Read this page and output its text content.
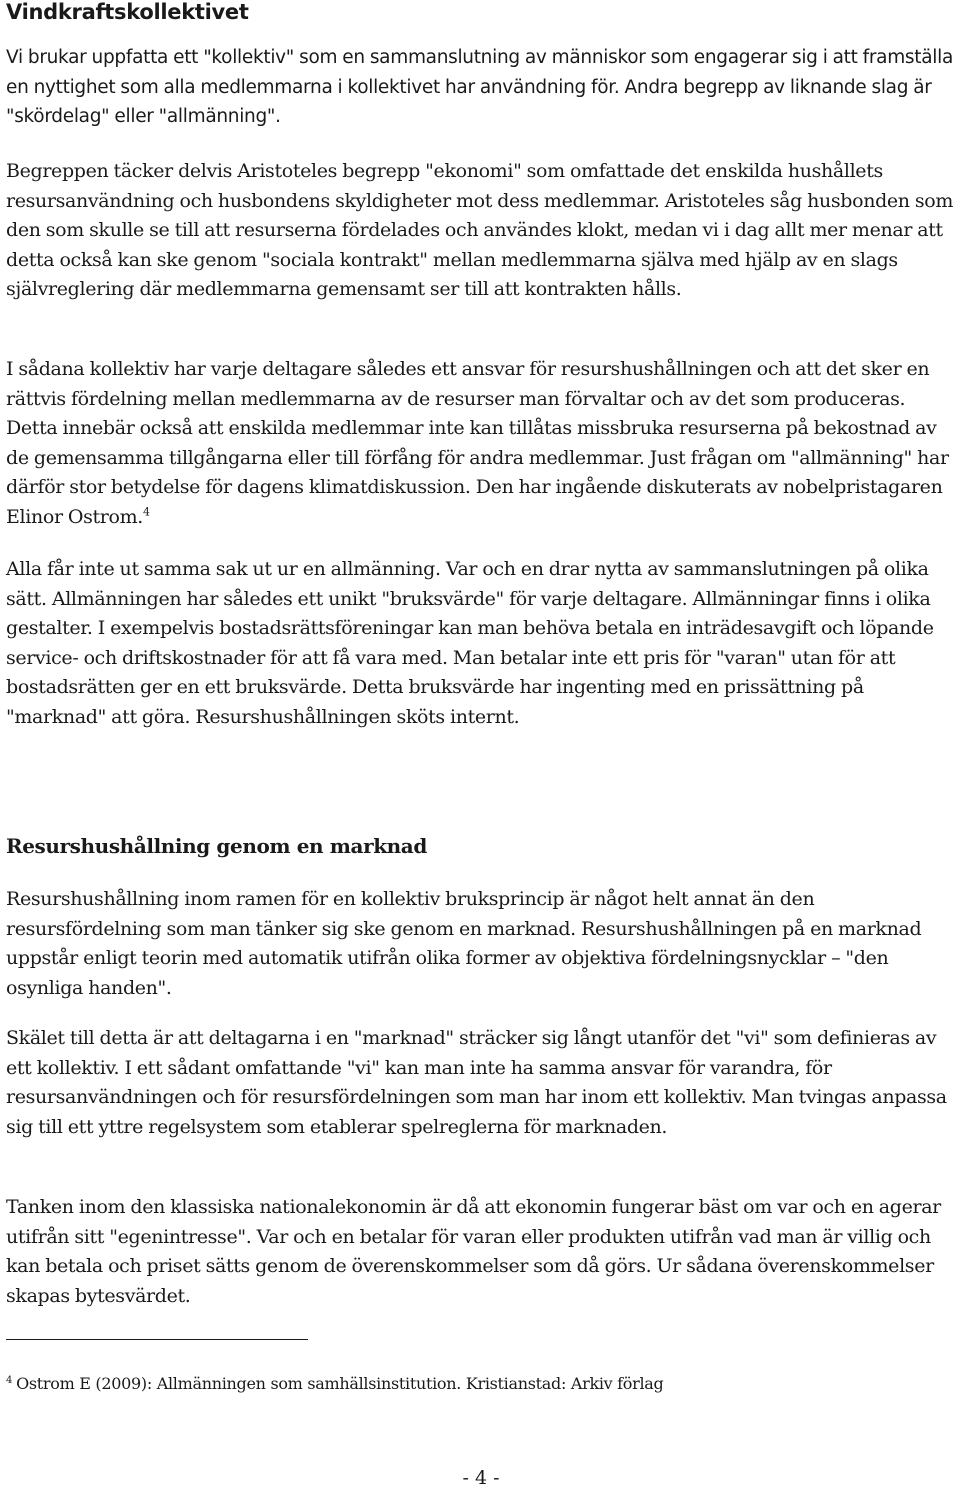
Vindkraftskollektivet

Vi brukar uppfatta ett "kollektiv" som en sammanslutning av människor som engagerar sig i att framställa en nyttighet som alla medlemmarna i kollektivet har användning för. Andra begrepp av liknande slag är "skördelag" eller "allmänning".

Begreppen täcker delvis Aristoteles begrepp "ekonomi" som omfattade det enskilda hushållets resursanvändning och husbondens skyldigheter mot dess medlemmar. Aristoteles såg husbonden som den som skulle se till att resurserna fördelades och användes klokt, medan vi i dag allt mer menar att detta också kan ske genom "sociala kontrakt" mellan medlemmarna själva med hjälp av en slags självreglering där medlemmarna gemensamt ser till att kontrakten hålls.

I sådana kollektiv har varje deltagare således ett ansvar för resurshushållningen och att det sker en rättvis fördelning mellan medlemmarna av de resurser man förvaltar och av det som produceras. Detta innebär också att enskilda medlemmar inte kan tillåtas missbruka resurserna på bekostnad av de gemensamma tillgångarna eller till förfång för andra medlemmar. Just frågan om "allmänning" har därför stor betydelse för dagens klimatdiskussion. Den har ingående diskuterats av nobelpristagaren Elinor Ostrom.$^4$

Alla får inte ut samma sak ut ur en allmänning. Var och en drar nytta av sammanslutningen på olika sätt. Allmänningen har således ett unikt "bruksvärde" för varje deltagare. Allmänningar finns i olika gestalter. I exempelvis bostadsrättsföreningar kan man behöva betala en inträdesavgift och löpande service- och driftskostnader för att få vara med. Man betalar inte ett pris för "varan" utan för att bostadsrätten ger en ett bruksvärde. Detta bruksvärde har ingenting med en prissättning på "marknad" att göra. Resurshushållningen sköts internt.

Resurshushållning genom en marknad

Resurshushållning inom ramen för en kollektiv bruksprincip är något helt annat än den resursfördelning som man tänker sig ske genom en marknad. Resurshushållningen på en marknad uppstår enligt teorin med automatik utifrån olika former av objektiva fördelningsnycklar – "den osynliga handen".

Skälet till detta är att deltagarna i en "marknad" sträcker sig långt utanför det "vi" som definieras av ett kollektiv. I ett sådant omfattande "vi" kan man inte ha samma ansvar för varandra, för resursanvändningen och för resursfördelningen som man har inom ett kollektiv. Man tvingas anpassa sig till ett yttre regelsystem som etablerar spelreglerna för marknaden.

Tanken inom den klassiska nationalekonomin är då att ekonomin fungerar bäst om var och en agerar utifrån sitt "egenintresse". Var och en betalar för varan eller produkten utifrån vad man är villig och kan betala och priset sätts genom de överenskommelser som då görs. Ur sådana överenskommelser skapas bytesvärdet.

$^4$ Ostrom E (2009): Allmänningen som samhällsinstitution. Kristianstad: Arkiv förlag
- 4 -
